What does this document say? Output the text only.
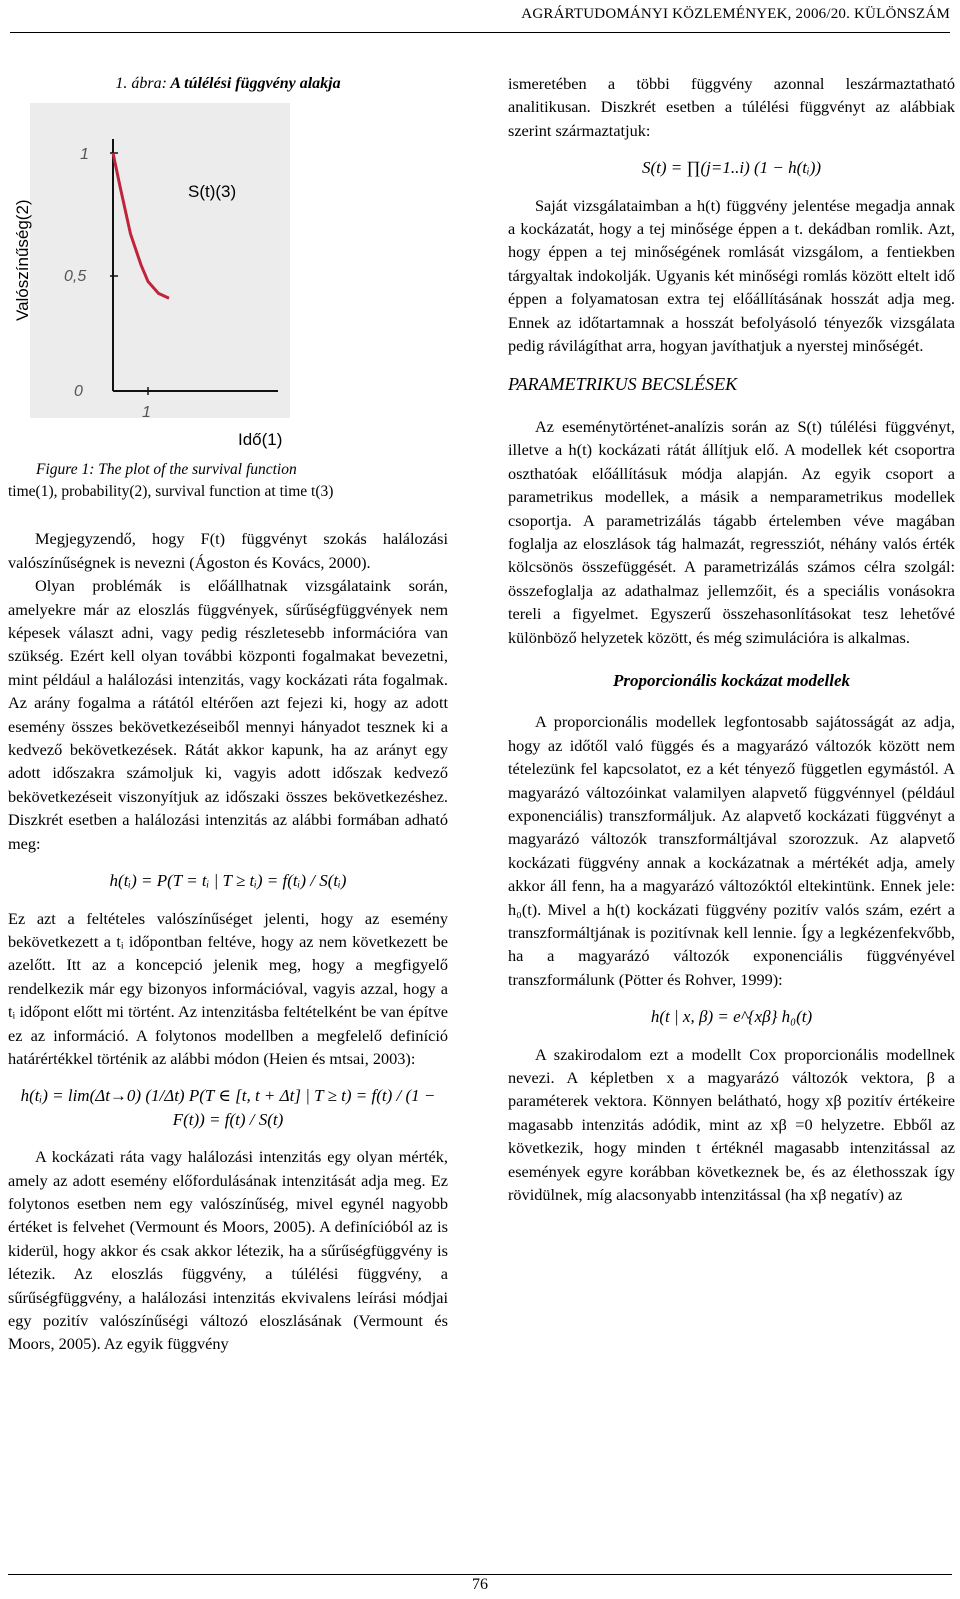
AGRÁRTUDOMÁNYI KÖZLEMÉNYEK, 2006/20. KÜLÖNSZÁM

1. ábra: A túlélési függvény alakja

1
0,5
0
1
S(t)(3)
Valószínűség(2)
Idő(1)
Figure 1: The plot of the survival function
time(1), probability(2), survival function at time t(3)

Megjegyzendő, hogy F(t) függvényt szokás halálozási valószínűségnek is nevezni (Ágoston és Kovács, 2000).

Olyan problémák is előállhatnak vizsgálataink során, amelyekre már az eloszlás függvények, sűrűségfüggvények nem képesek választ adni, vagy pedig részletesebb információra van szükség. Ezért kell olyan további központi fogalmakat bevezetni, mint például a halálozási intenzitás, vagy kockázati ráta fogalmak. Az arány fogalma a rátától eltérően azt fejezi ki, hogy az adott esemény összes bekövetkezéseiből mennyi hányadot tesznek ki a kedvező bekövetkezések. Rátát akkor kapunk, ha az arányt egy adott időszakra számoljuk ki, vagyis adott időszak kedvező bekövetkezéseit viszonyítjuk az időszaki összes bekövetkezéshez. Diszkrét esetben a halálozási intenzitás az alábbi formában adható meg:

h(tᵢ) = P(T = tᵢ | T ≥ tᵢ) = f(tᵢ) / S(tᵢ)

Ez azt a feltételes valószínűséget jelenti, hogy az esemény bekövetkezett a tᵢ időpontban feltéve, hogy az nem következett be azelőtt. Itt az a koncepció jelenik meg, hogy a megfigyelő rendelkezik már egy bizonyos információval, vagyis azzal, hogy a tᵢ időpont előtt mi történt. Az intenzitásba feltételként be van építve ez az információ. A folytonos modellben a megfelelő definíció határértékkel történik az alábbi módon (Heien és mtsai, 2003):

h(tᵢ) = lim(Δt→0) (1/Δt) P(T ∈ [t, t + Δt] | T ≥ t) = f(t) / (1 − F(t)) = f(t) / S(t)

A kockázati ráta vagy halálozási intenzitás egy olyan mérték, amely az adott esemény előfordulásának intenzitását adja meg. Ez folytonos esetben nem egy valószínűség, mivel egynél nagyobb értéket is felvehet (Vermount és Moors, 2005). A definícióból az is kiderül, hogy akkor és csak akkor létezik, ha a sűrűségfüggvény is létezik. Az eloszlás függvény, a túlélési függvény, a sűrűségfüggvény, a halálozási intenzitás ekvivalens leírási módjai egy pozitív valószínűségi változó eloszlásának (Vermount és Moors, 2005). Az egyik függvény

ismeretében a többi függvény azonnal leszármaztatható analitikusan. Diszkrét esetben a túlélési függvényt az alábbiak szerint származtatjuk:

S(t) = ∏(j=1..i) (1 − h(tᵢ))

Saját vizsgálataimban a h(t) függvény jelentése megadja annak a kockázatát, hogy a tej minősége éppen a t. dekádban romlik. Azt, hogy éppen a tej minőségének romlását vizsgálom, a fentiekben tárgyaltak indokolják. Ugyanis két minőségi romlás között eltelt idő éppen a folyamatosan extra tej előállításának hosszát adja meg. Ennek az időtartamnak a hosszát befolyásoló tényezők vizsgálata pedig rávilágíthat arra, hogyan javíthatjuk a nyerstej minőségét.

PARAMETRIKUS BECSLÉSEK

Az eseménytörténet-analízis során az S(t) túlélési függvényt, illetve a h(t) kockázati rátát állítjuk elő. A modellek két csoportra oszthatóak előállításuk módja alapján. Az egyik csoport a parametrikus modellek, a másik a nemparametrikus modellek csoportja. A parametrizálás tágabb értelemben véve magában foglalja az eloszlások tág halmazát, regressziót, néhány valós érték kölcsönös összefüggését. A parametrizálás számos célra szolgál: összefoglalja az adathalmaz jellemzőit, és a speciális vonásokra tereli a figyelmet. Egyszerű összehasonlításokat tesz lehetővé különböző helyzetek között, és még szimulációra is alkalmas.

Proporcionális kockázat modellek

A proporcionális modellek legfontosabb sajátosságát az adja, hogy az időtől való függés és a magyarázó változók között nem tételezünk fel kapcsolatot, ez a két tényező független egymástól. A magyarázó változóinkat valamilyen alapvető függvénnyel (például exponenciális) transzformáljuk. Az alapvető kockázati függvényt a magyarázó változók transzformáltjával szorozzuk. Az alapvető kockázati függvény annak a kockázatnak a mértékét adja, amely akkor áll fenn, ha a magyarázó változóktól eltekintünk. Ennek jele: h₀(t). Mivel a h(t) kockázati függvény pozitív valós szám, ezért a transzformáltjának is pozitívnak kell lennie. Így a legkézenfekvőbb, ha a magyarázó változók exponenciális függvényével transzformálunk (Pötter és Rohver, 1999):

h(t | x, β) = e^{xβ} h₀(t)

A szakirodalom ezt a modellt Cox proporcionális modellnek nevezi. A képletben x a magyarázó változók vektora, β a paraméterek vektora. Könnyen belátható, hogy xβ pozitív értékeire magasabb intenzitás adódik, mint az xβ =0 helyzetre. Ebből az következik, hogy minden t értéknél magasabb intenzitással az események egyre korábban következnek be, és az élethosszak így rövidülnek, míg alacsonyabb intenzitással (ha xβ negatív) az

76
